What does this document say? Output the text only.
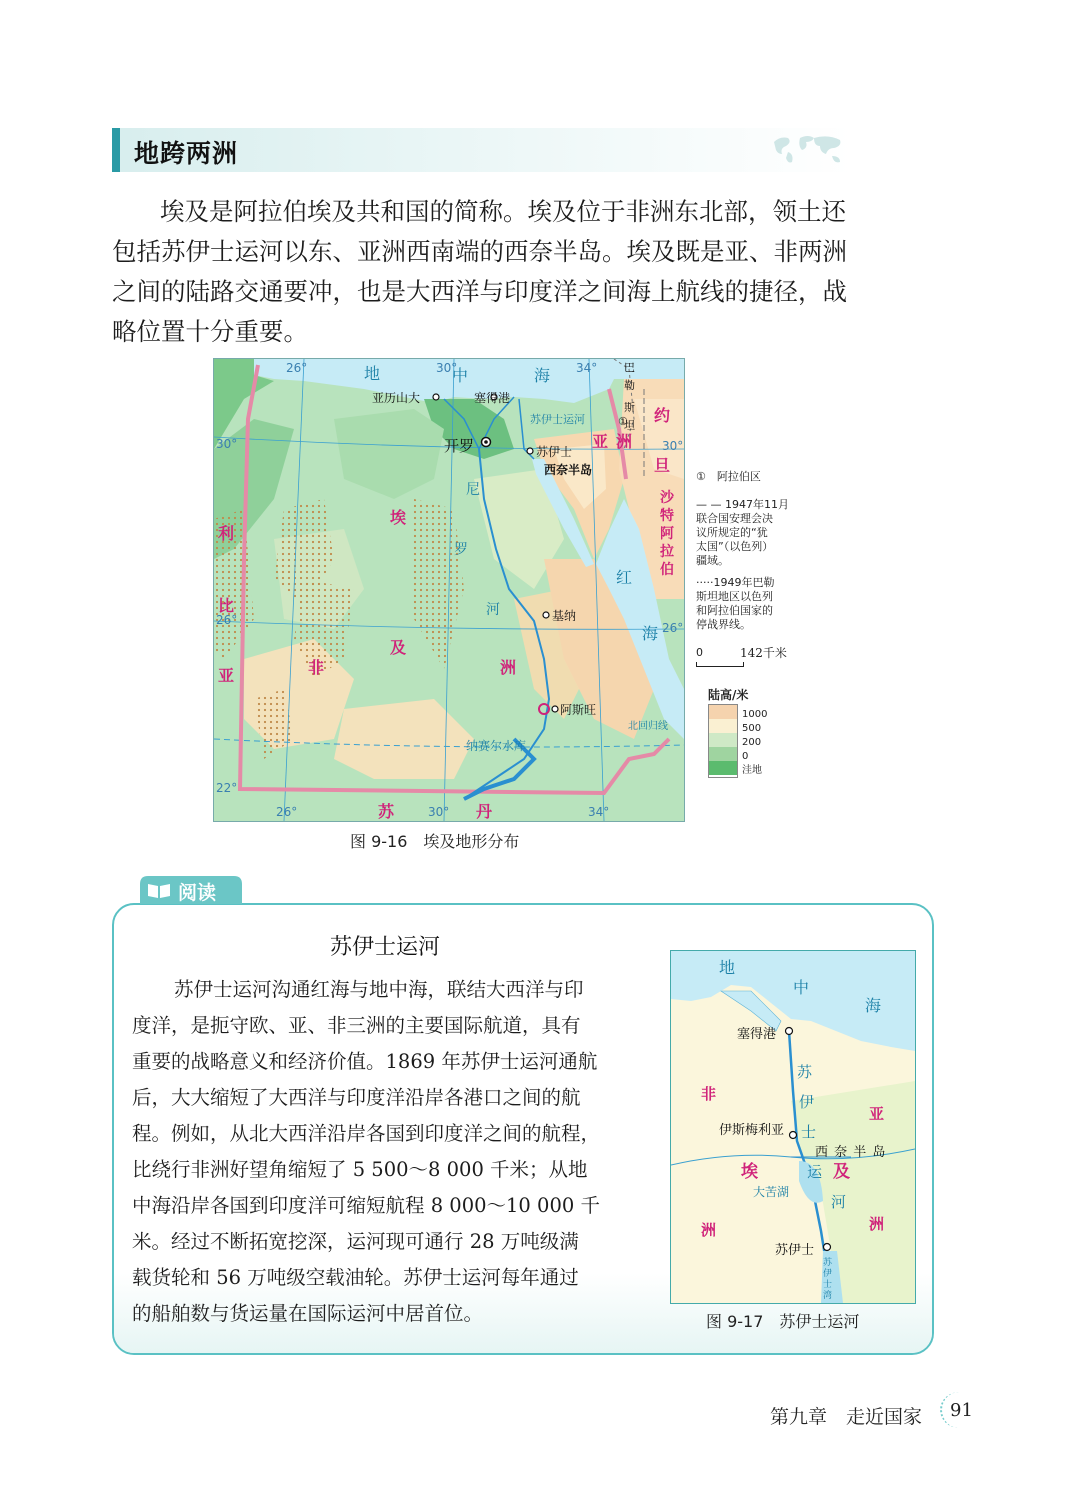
地跨两洲
埃及是阿拉伯埃及共和国的简称。埃及位于非洲东北部，领土还
包括苏伊士运河以东、亚洲西南端的西奈半岛。埃及既是亚、非两洲
之间的陆路交通要冲，也是大西洋与印度洋之间海上航线的捷径，战
略位置十分重要。
26°	30°	34°
26°	30°	34°
30°	30°
26°
26°
22°
地	中	海
红
海
埃
及
非	洲
利
比
亚
苏	丹
约
旦
沙
特
阿
拉
伯
亚 洲
巴
勒
斯
坦
亚历山大	塞得港
开罗	苏伊士
基纳
阿斯旺
西奈半岛
苏伊士运河
尼
罗
河
纳赛尔水库
北回归线
①
图 9-16　埃及地形分布
①　阿拉伯区
— — 1947年11月
联合国安理会决
议所规定的“犹
太国”（以色列）
疆域。
·····1949年巴勒
斯坦地区以色列
和阿拉伯国家的
停战界线。
0	142千米
陆高/米
1000
500
200
0
洼地
阅读
苏伊士运河
苏伊士运河沟通红海与地中海，联结大西洋与印
度洋，是扼守欧、亚、非三洲的主要国际航道，具有
重要的战略意义和经济价值。1869 年苏伊士运河通航
后，大大缩短了大西洋与印度洋沿岸各港口之间的航
程。例如，从北大西洋沿岸各国到印度洋之间的航程，
比绕行非洲好望角缩短了 5 500～8 000 千米；从地
中海沿岸各国到印度洋可缩短航程 8 000～10 000 千
米。经过不断拓宽挖深，运河现可通行 28 万吨级满
载货轮和 56 万吨级空载油轮。苏伊士运河每年通过
的船舶数与货运量在国际运河中居首位。
地
中
海
非
洲
埃	及
亚
洲
西 奈 半 岛
塞得港
伊斯梅利亚
大苦湖
苏伊士
苏
伊
士
运
河
苏
伊
士
湾
图 9-17　苏伊士运河
第九章　走近国家 91
